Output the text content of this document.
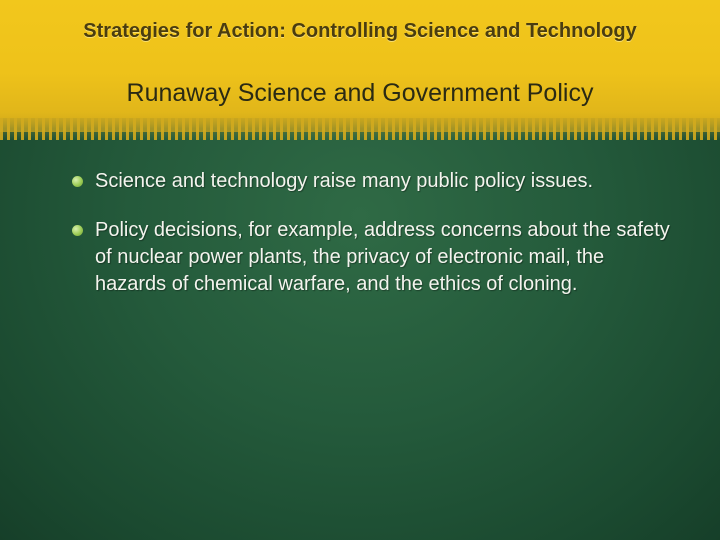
Strategies for Action: Controlling Science and Technology
Runaway Science and Government Policy
Science and technology raise many public policy issues.
Policy decisions, for example, address concerns about the safety of nuclear power plants, the privacy of electronic mail, the hazards of chemical warfare, and the ethics of cloning.
